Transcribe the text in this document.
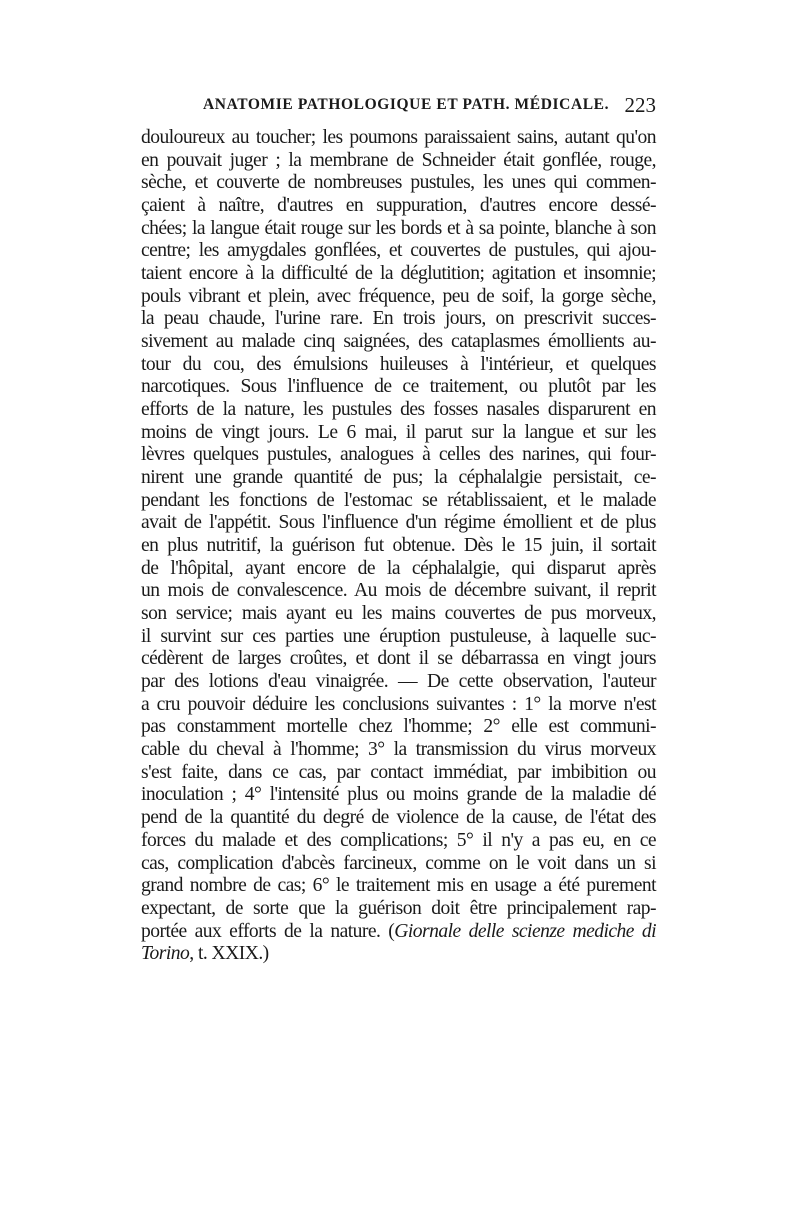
ANATOMIE PATHOLOGIQUE ET PATH. MÉDICALE. 223
douloureux au toucher; les poumons paraissaient sains, autant qu'on
en pouvait juger ; la membrane de Schneider était gonflée, rouge,
sèche, et couverte de nombreuses pustules, les unes qui commen-
çaient à naître, d'autres en suppuration, d'autres encore dessé-
chées; la langue était rouge sur les bords et à sa pointe, blanche à son
centre; les amygdales gonflées, et couvertes de pustules, qui ajou-
taient encore à la difficulté de la déglutition; agitation et insomnie;
pouls vibrant et plein, avec fréquence, peu de soif, la gorge sèche,
la peau chaude, l'urine rare. En trois jours, on prescrivit succes-
sivement au malade cinq saignées, des cataplasmes émollients au-
tour du cou, des émulsions huileuses à l'intérieur, et quelques
narcotiques. Sous l'influence de ce traitement, ou plutôt par les
efforts de la nature, les pustules des fosses nasales disparurent en
moins de vingt jours. Le 6 mai, il parut sur la langue et sur les
lèvres quelques pustules, analogues à celles des narines, qui four-
nirent une grande quantité de pus; la céphalalgie persistait, ce-
pendant les fonctions de l'estomac se rétablissaient, et le malade
avait de l'appétit. Sous l'influence d'un régime émollient et de plus
en plus nutritif, la guérison fut obtenue. Dès le 15 juin, il sortait
de l'hôpital, ayant encore de la céphalalgie, qui disparut après
un mois de convalescence. Au mois de décembre suivant, il reprit
son service; mais ayant eu les mains couvertes de pus morveux,
il survint sur ces parties une éruption pustuleuse, à laquelle suc-
cédèrent de larges croûtes, et dont il se débarrassa en vingt jours
par des lotions d'eau vinaigrée. — De cette observation, l'auteur
a cru pouvoir déduire les conclusions suivantes : 1° la morve n'est
pas constamment mortelle chez l'homme; 2° elle est communi-
cable du cheval à l'homme; 3° la transmission du virus morveux
s'est faite, dans ce cas, par contact immédiat, par imbibition ou
inoculation ; 4° l'intensité plus ou moins grande de la maladie dé
pend de la quantité du degré de violence de la cause, de l'état des
forces du malade et des complications; 5° il n'y a pas eu, en ce
cas, complication d'abcès farcineux, comme on le voit dans un si
grand nombre de cas; 6° le traitement mis en usage a été purement
expectant, de sorte que la guérison doit être principalement rap-
portée aux efforts de la nature. (Giornale delle scienze mediche di
Torino, t. XXIX.)
